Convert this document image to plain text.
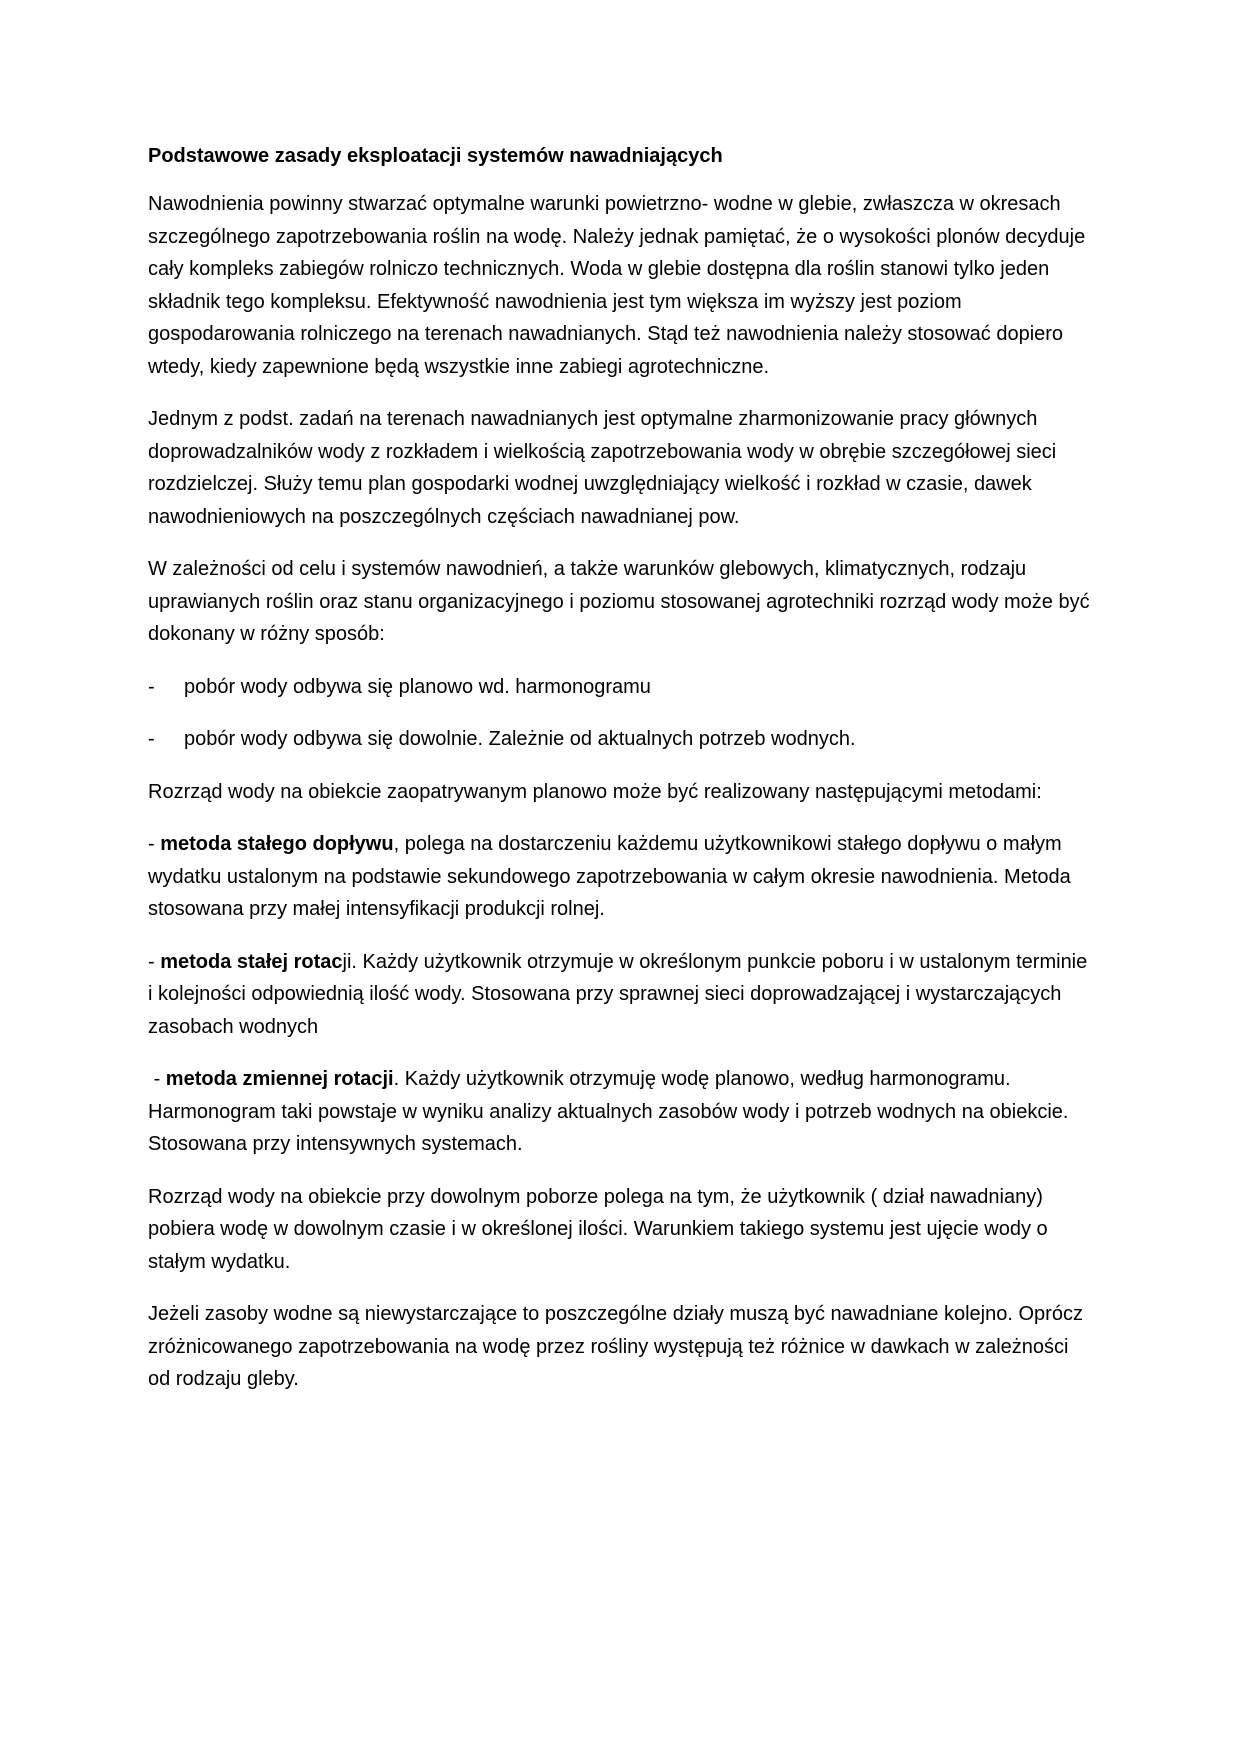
Podstawowe zasady eksploatacji systemów nawadniających

Nawodnienia powinny stwarzać optymalne warunki powietrzno- wodne w glebie, zwłaszcza w okresach szczególnego zapotrzebowania roślin na wodę. Należy jednak pamiętać, że o wysokości plonów decyduje cały kompleks zabiegów rolniczo technicznych. Woda w glebie dostępna dla roślin stanowi tylko jeden składnik tego kompleksu. Efektywność nawodnienia jest tym większa im wyższy jest poziom gospodarowania rolniczego na terenach nawadnianych. Stąd też nawodnienia należy stosować dopiero wtedy, kiedy zapewnione będą wszystkie inne zabiegi agrotechniczne.

Jednym z podst. zadań na terenach nawadnianych jest optymalne zharmonizowanie pracy głównych doprowadzalników wody z rozkładem i wielkością zapotrzebowania wody w obrębie szczegółowej sieci rozdzielczej. Służy temu plan gospodarki wodnej uwzględniający wielkość i rozkład w czasie, dawek nawodnieniowych na poszczególnych częściach nawadnianej pow.

W zależności od celu i systemów nawodnień, a także warunków glebowych, klimatycznych, rodzaju uprawianych roślin oraz stanu organizacyjnego i poziomu stosowanej agrotechniki rozrząd wody może być dokonany w różny sposób:

-	pobór wody odbywa się planowo wd. harmonogramu
-	pobór wody odbywa się dowolnie. Zależnie od aktualnych potrzeb wodnych.

Rozrząd wody na obiekcie zaopatrywanym planowo może być realizowany następującymi metodami:

- metoda stałego dopływu, polega na dostarczeniu każdemu użytkownikowi stałego dopływu o małym wydatku ustalonym na podstawie sekundowego zapotrzebowania w całym okresie nawodnienia. Metoda stosowana przy małej intensyfikacji produkcji rolnej.

- metoda stałej rotacji. Każdy użytkownik otrzymuje w określonym punkcie poboru i w ustalonym terminie i kolejności odpowiednią ilość wody. Stosowana przy sprawnej sieci doprowadzającej i wystarczających zasobach wodnych

- metoda zmiennej rotacji. Każdy użytkownik otrzymuję wodę planowo, według harmonogramu. Harmonogram taki powstaje w wyniku analizy aktualnych zasobów wody i potrzeb wodnych na obiekcie. Stosowana przy intensywnych systemach.

Rozrząd wody na obiekcie przy dowolnym poborze polega na tym, że użytkownik ( dział nawadniany) pobiera wodę w dowolnym czasie i w określonej ilości. Warunkiem takiego systemu jest ujęcie wody o stałym wydatku.

Jeżeli zasoby wodne są niewystarczające to poszczególne działy muszą być nawadniane kolejno. Oprócz zróżnicowanego zapotrzebowania na wodę przez rośliny występują też różnice w dawkach w zależności od rodzaju gleby.
